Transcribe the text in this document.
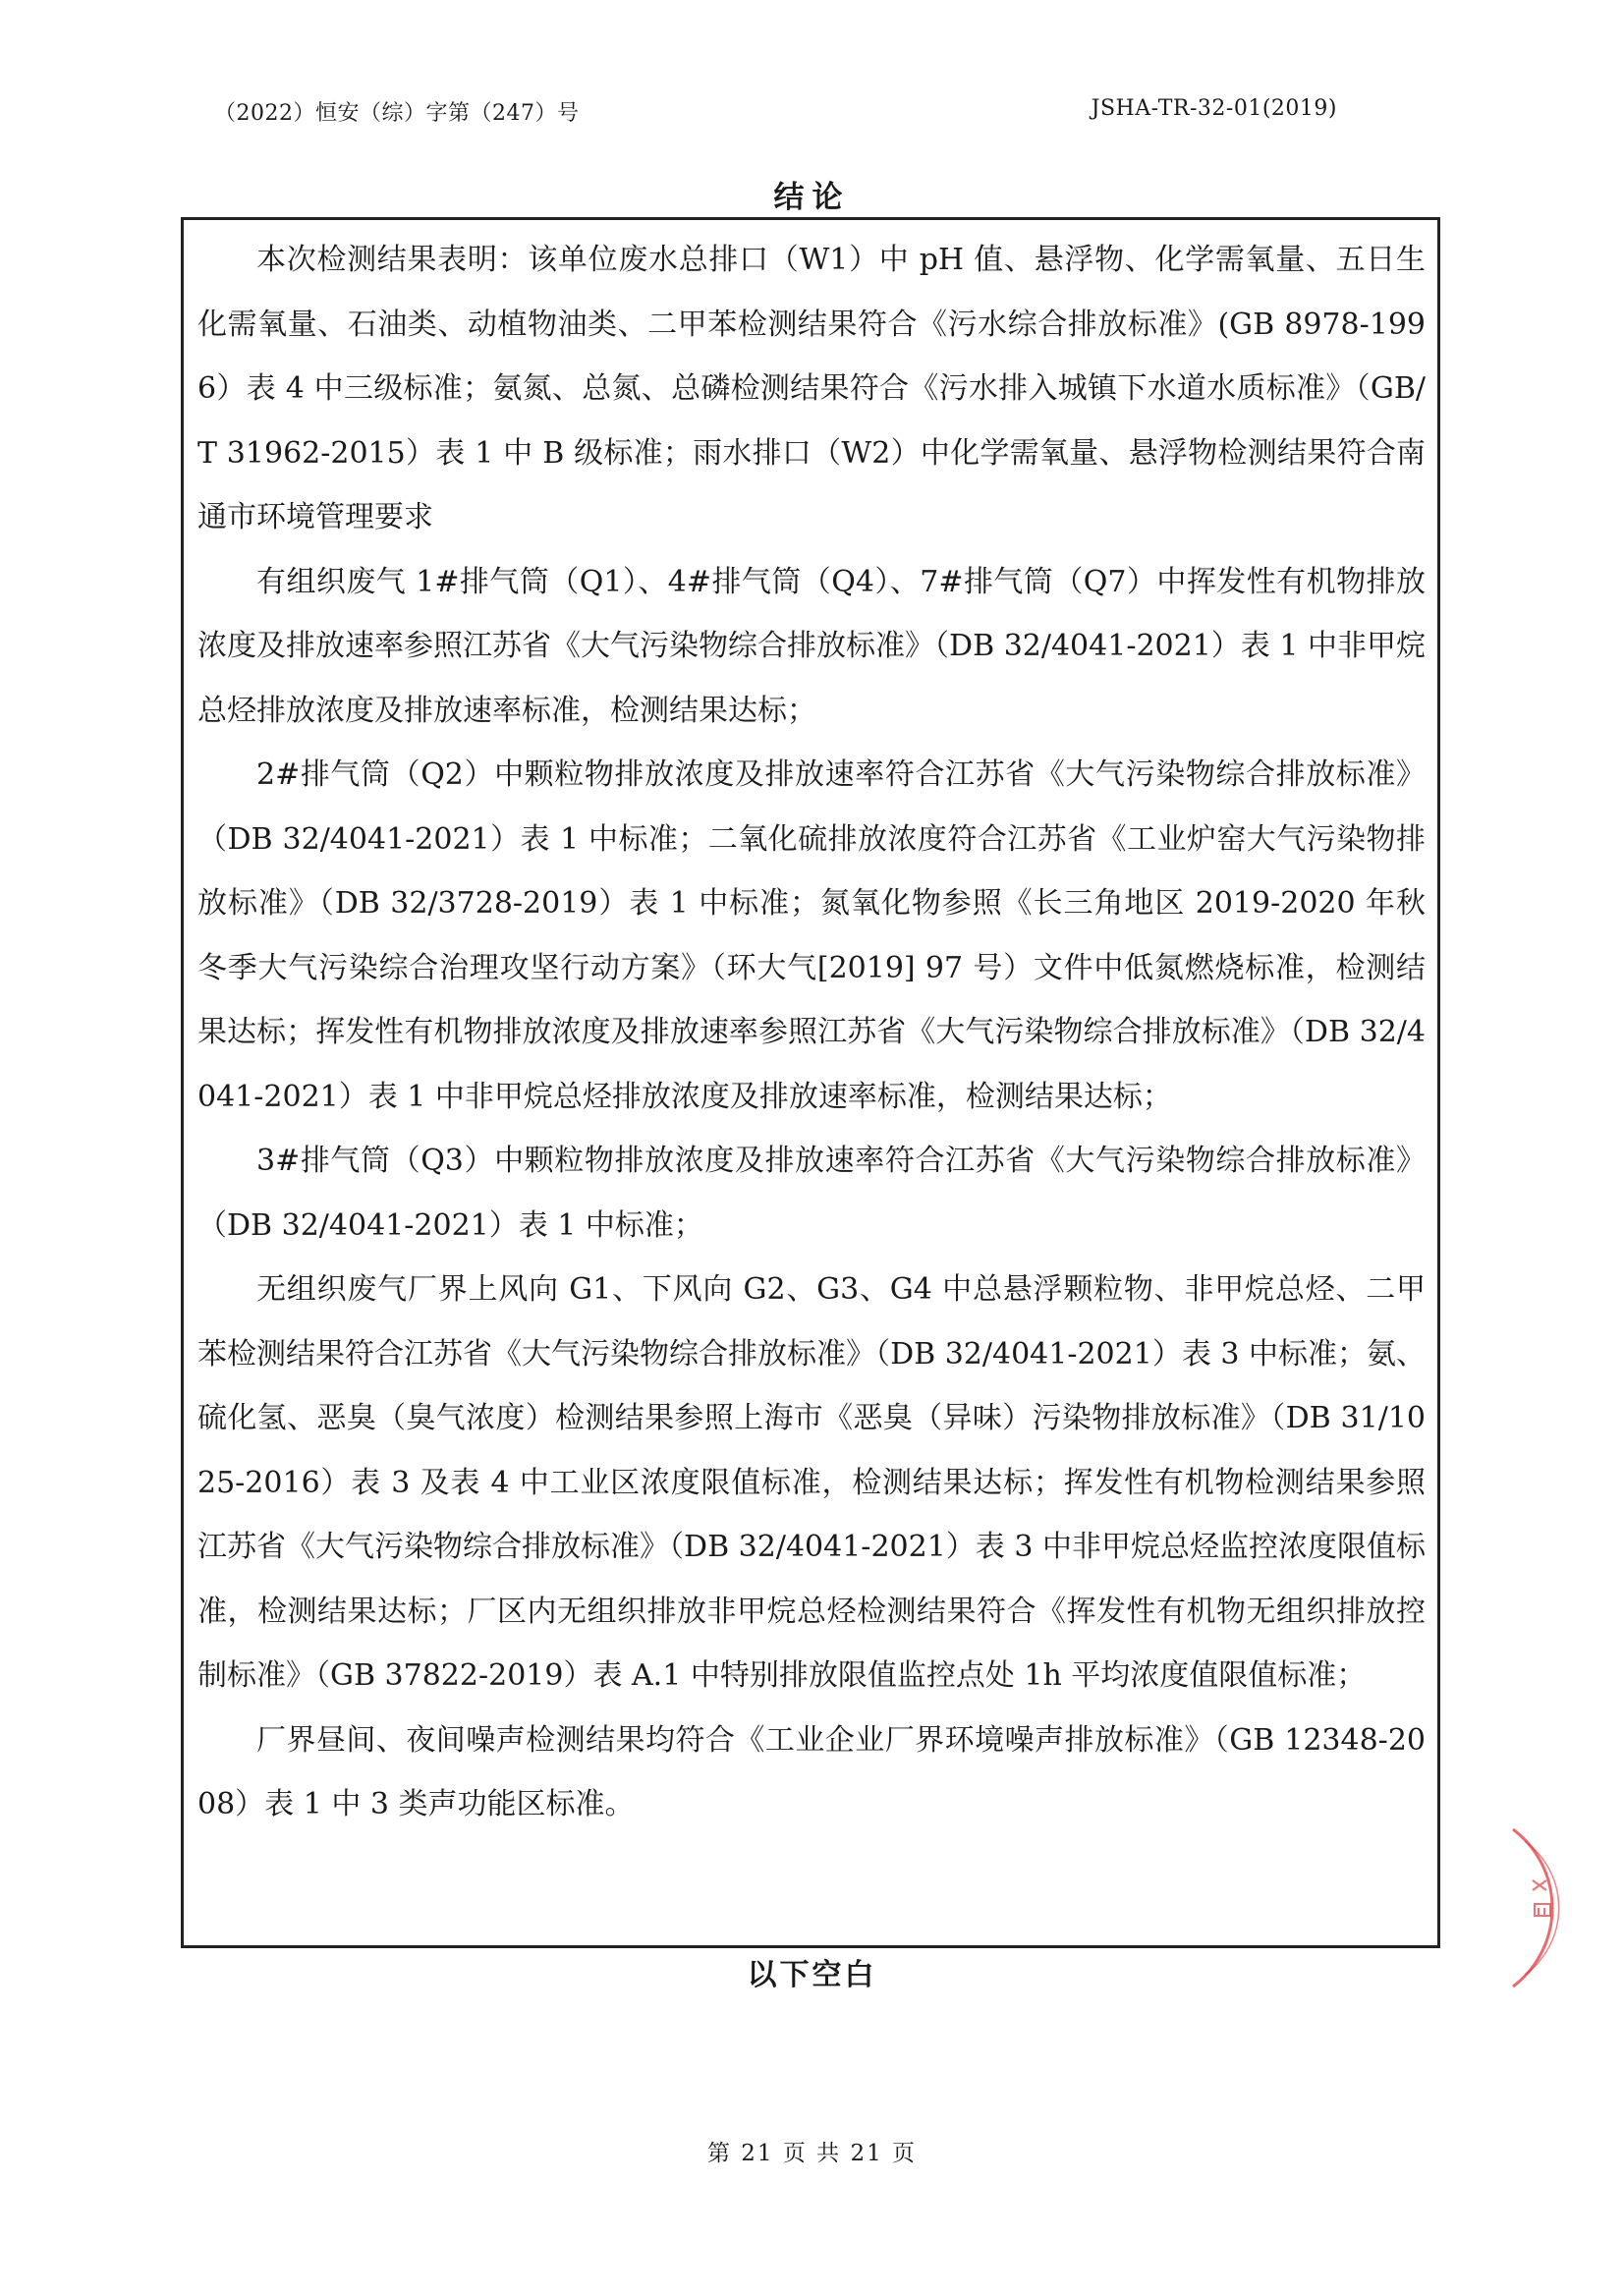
（2022）恒安（综）字第（247）号	JSHA-TR-32-01(2019)
结论

本次检测结果表明：该单位废水总排口（W1）中 pH 值、悬浮物、化学需氧量、五日生化需氧量、石油类、动植物油类、二甲苯检测结果符合《污水综合排放标准》(GB 8978-1996）表 4 中三级标准；氨氮、总氮、总磷检测结果符合《污水排入城镇下水道水质标准》（GB/T 31962-2015）表 1 中 B 级标准；雨水排口（W2）中化学需氧量、悬浮物检测结果符合南通市环境管理要求

有组织废气 1#排气筒（Q1）、4#排气筒（Q4）、7#排气筒（Q7）中挥发性有机物排放浓度及排放速率参照江苏省《大气污染物综合排放标准》（DB 32/4041-2021）表 1 中非甲烷总烃排放浓度及排放速率标准，检测结果达标；

2#排气筒（Q2）中颗粒物排放浓度及排放速率符合江苏省《大气污染物综合排放标准》（DB 32/4041-2021）表 1 中标准；二氧化硫排放浓度符合江苏省《工业炉窑大气污染物排放标准》（DB 32/3728-2019）表 1 中标准；氮氧化物参照《长三角地区 2019-2020 年秋冬季大气污染综合治理攻坚行动方案》（环大气[2019] 97 号）文件中低氮燃烧标准，检测结果达标；挥发性有机物排放浓度及排放速率参照江苏省《大气污染物综合排放标准》（DB 32/4041-2021）表 1 中非甲烷总烃排放浓度及排放速率标准，检测结果达标；

3#排气筒（Q3）中颗粒物排放浓度及排放速率符合江苏省《大气污染物综合排放标准》（DB 32/4041-2021）表 1 中标准；

无组织废气厂界上风向 G1、下风向 G2、G3、G4 中总悬浮颗粒物、非甲烷总烃、二甲苯检测结果符合江苏省《大气污染物综合排放标准》（DB 32/4041-2021）表 3 中标准；氨、硫化氢、恶臭（臭气浓度）检测结果参照上海市《恶臭（异味）污染物排放标准》（DB 31/1025-2016）表 3 及表 4 中工业区浓度限值标准，检测结果达标；挥发性有机物检测结果参照江苏省《大气污染物综合排放标准》（DB 32/4041-2021）表 3 中非甲烷总烃监控浓度限值标准，检测结果达标；厂区内无组织排放非甲烷总烃检测结果符合《挥发性有机物无组织排放控制标准》（GB 37822-2019）表 A.1 中特别排放限值监控点处 1h 平均浓度值限值标准；

厂界昼间、夜间噪声检测结果均符合《工业企业厂界环境噪声排放标准》（GB 12348-2008）表 1 中 3 类声功能区标准。

以下空白
第 21 页 共 21 页
